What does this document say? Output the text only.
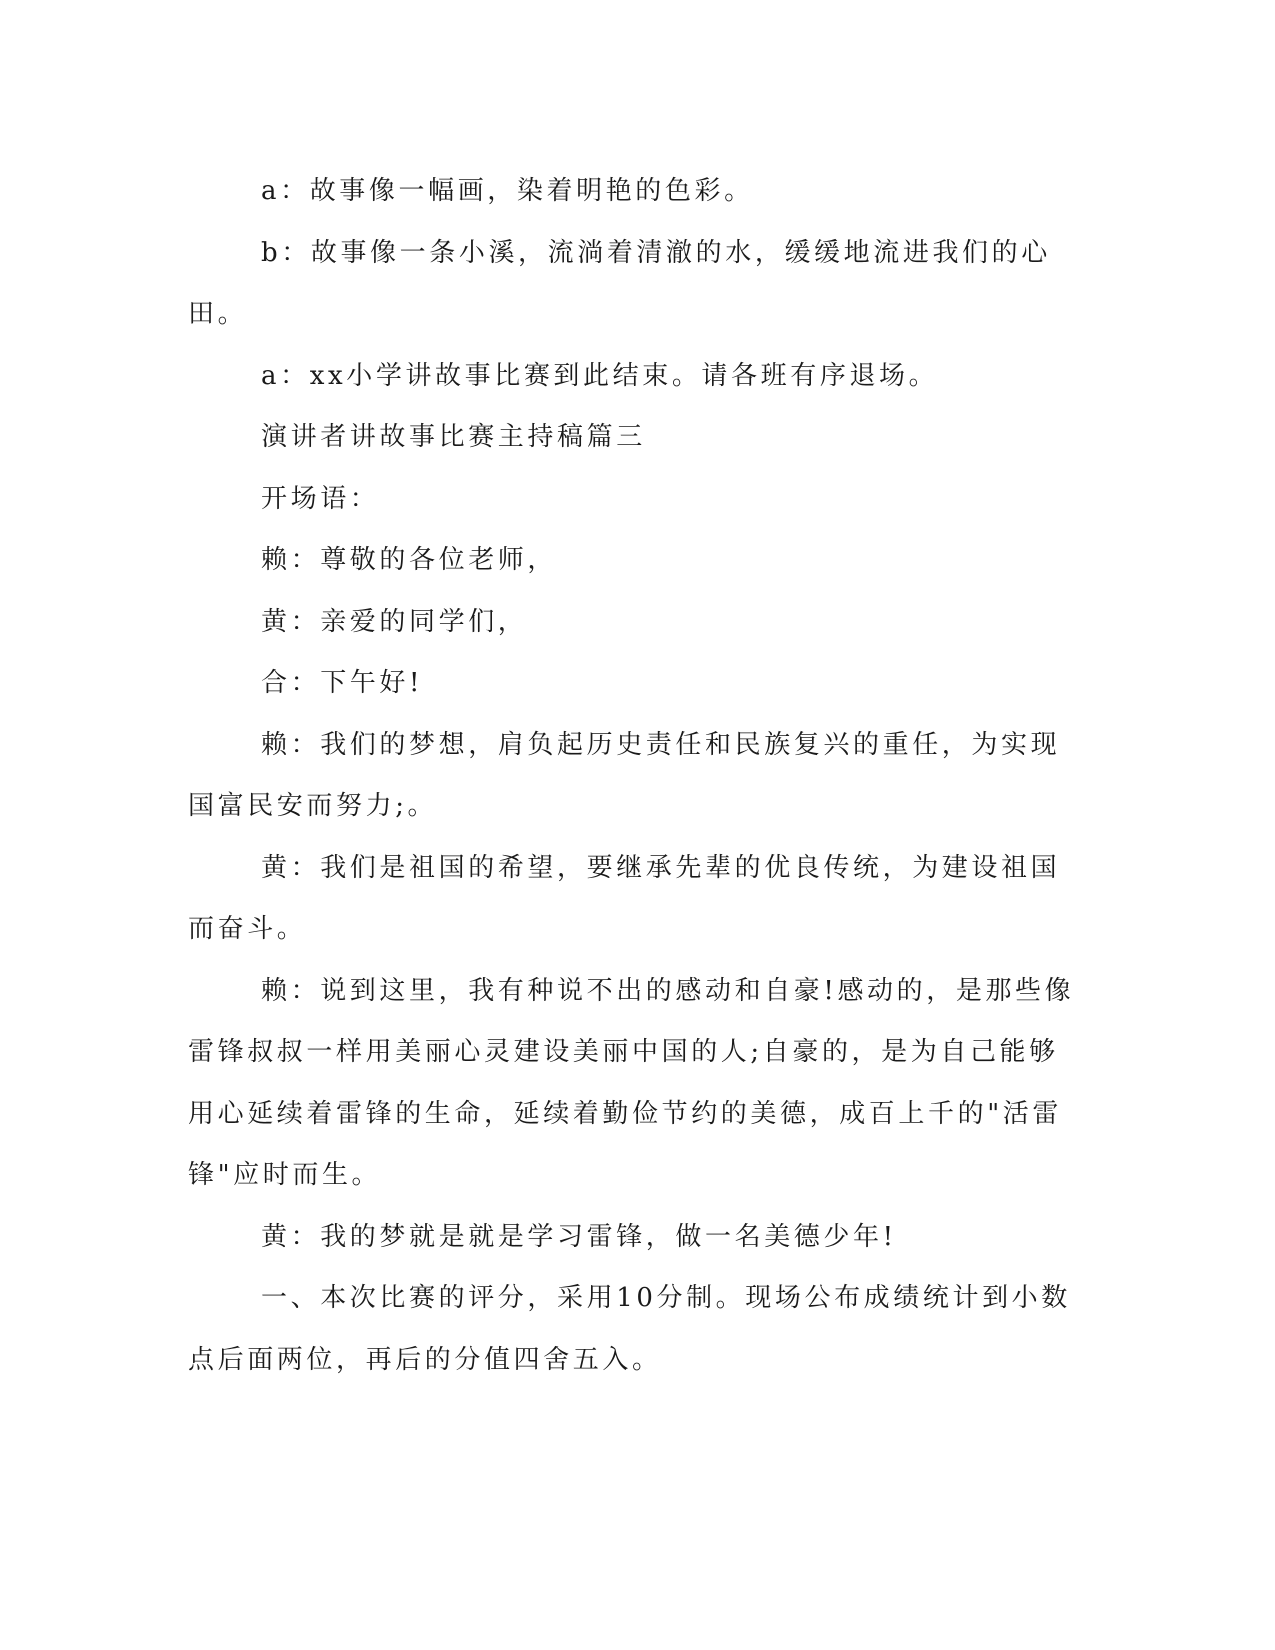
a：故事像一幅画，染着明艳的色彩。

b：故事像一条小溪，流淌着清澈的水，缓缓地流进我们的心田。

a：xx小学讲故事比赛到此结束。请各班有序退场。

演讲者讲故事比赛主持稿篇三

开场语：

赖：尊敬的各位老师，

黄：亲爱的同学们，

合：下午好!

赖：我们的梦想，肩负起历史责任和民族复兴的重任，为实现国富民安而努力;。

黄：我们是祖国的希望，要继承先辈的优良传统，为建设祖国而奋斗。

赖：说到这里，我有种说不出的感动和自豪!感动的，是那些像雷锋叔叔一样用美丽心灵建设美丽中国的人;自豪的，是为自己能够用心延续着雷锋的生命，延续着勤俭节约的美德，成百上千的"活雷锋"应时而生。

黄：我的梦就是就是学习雷锋，做一名美德少年!

一、本次比赛的评分，采用10分制。现场公布成绩统计到小数点后面两位，再后的分值四舍五入。
